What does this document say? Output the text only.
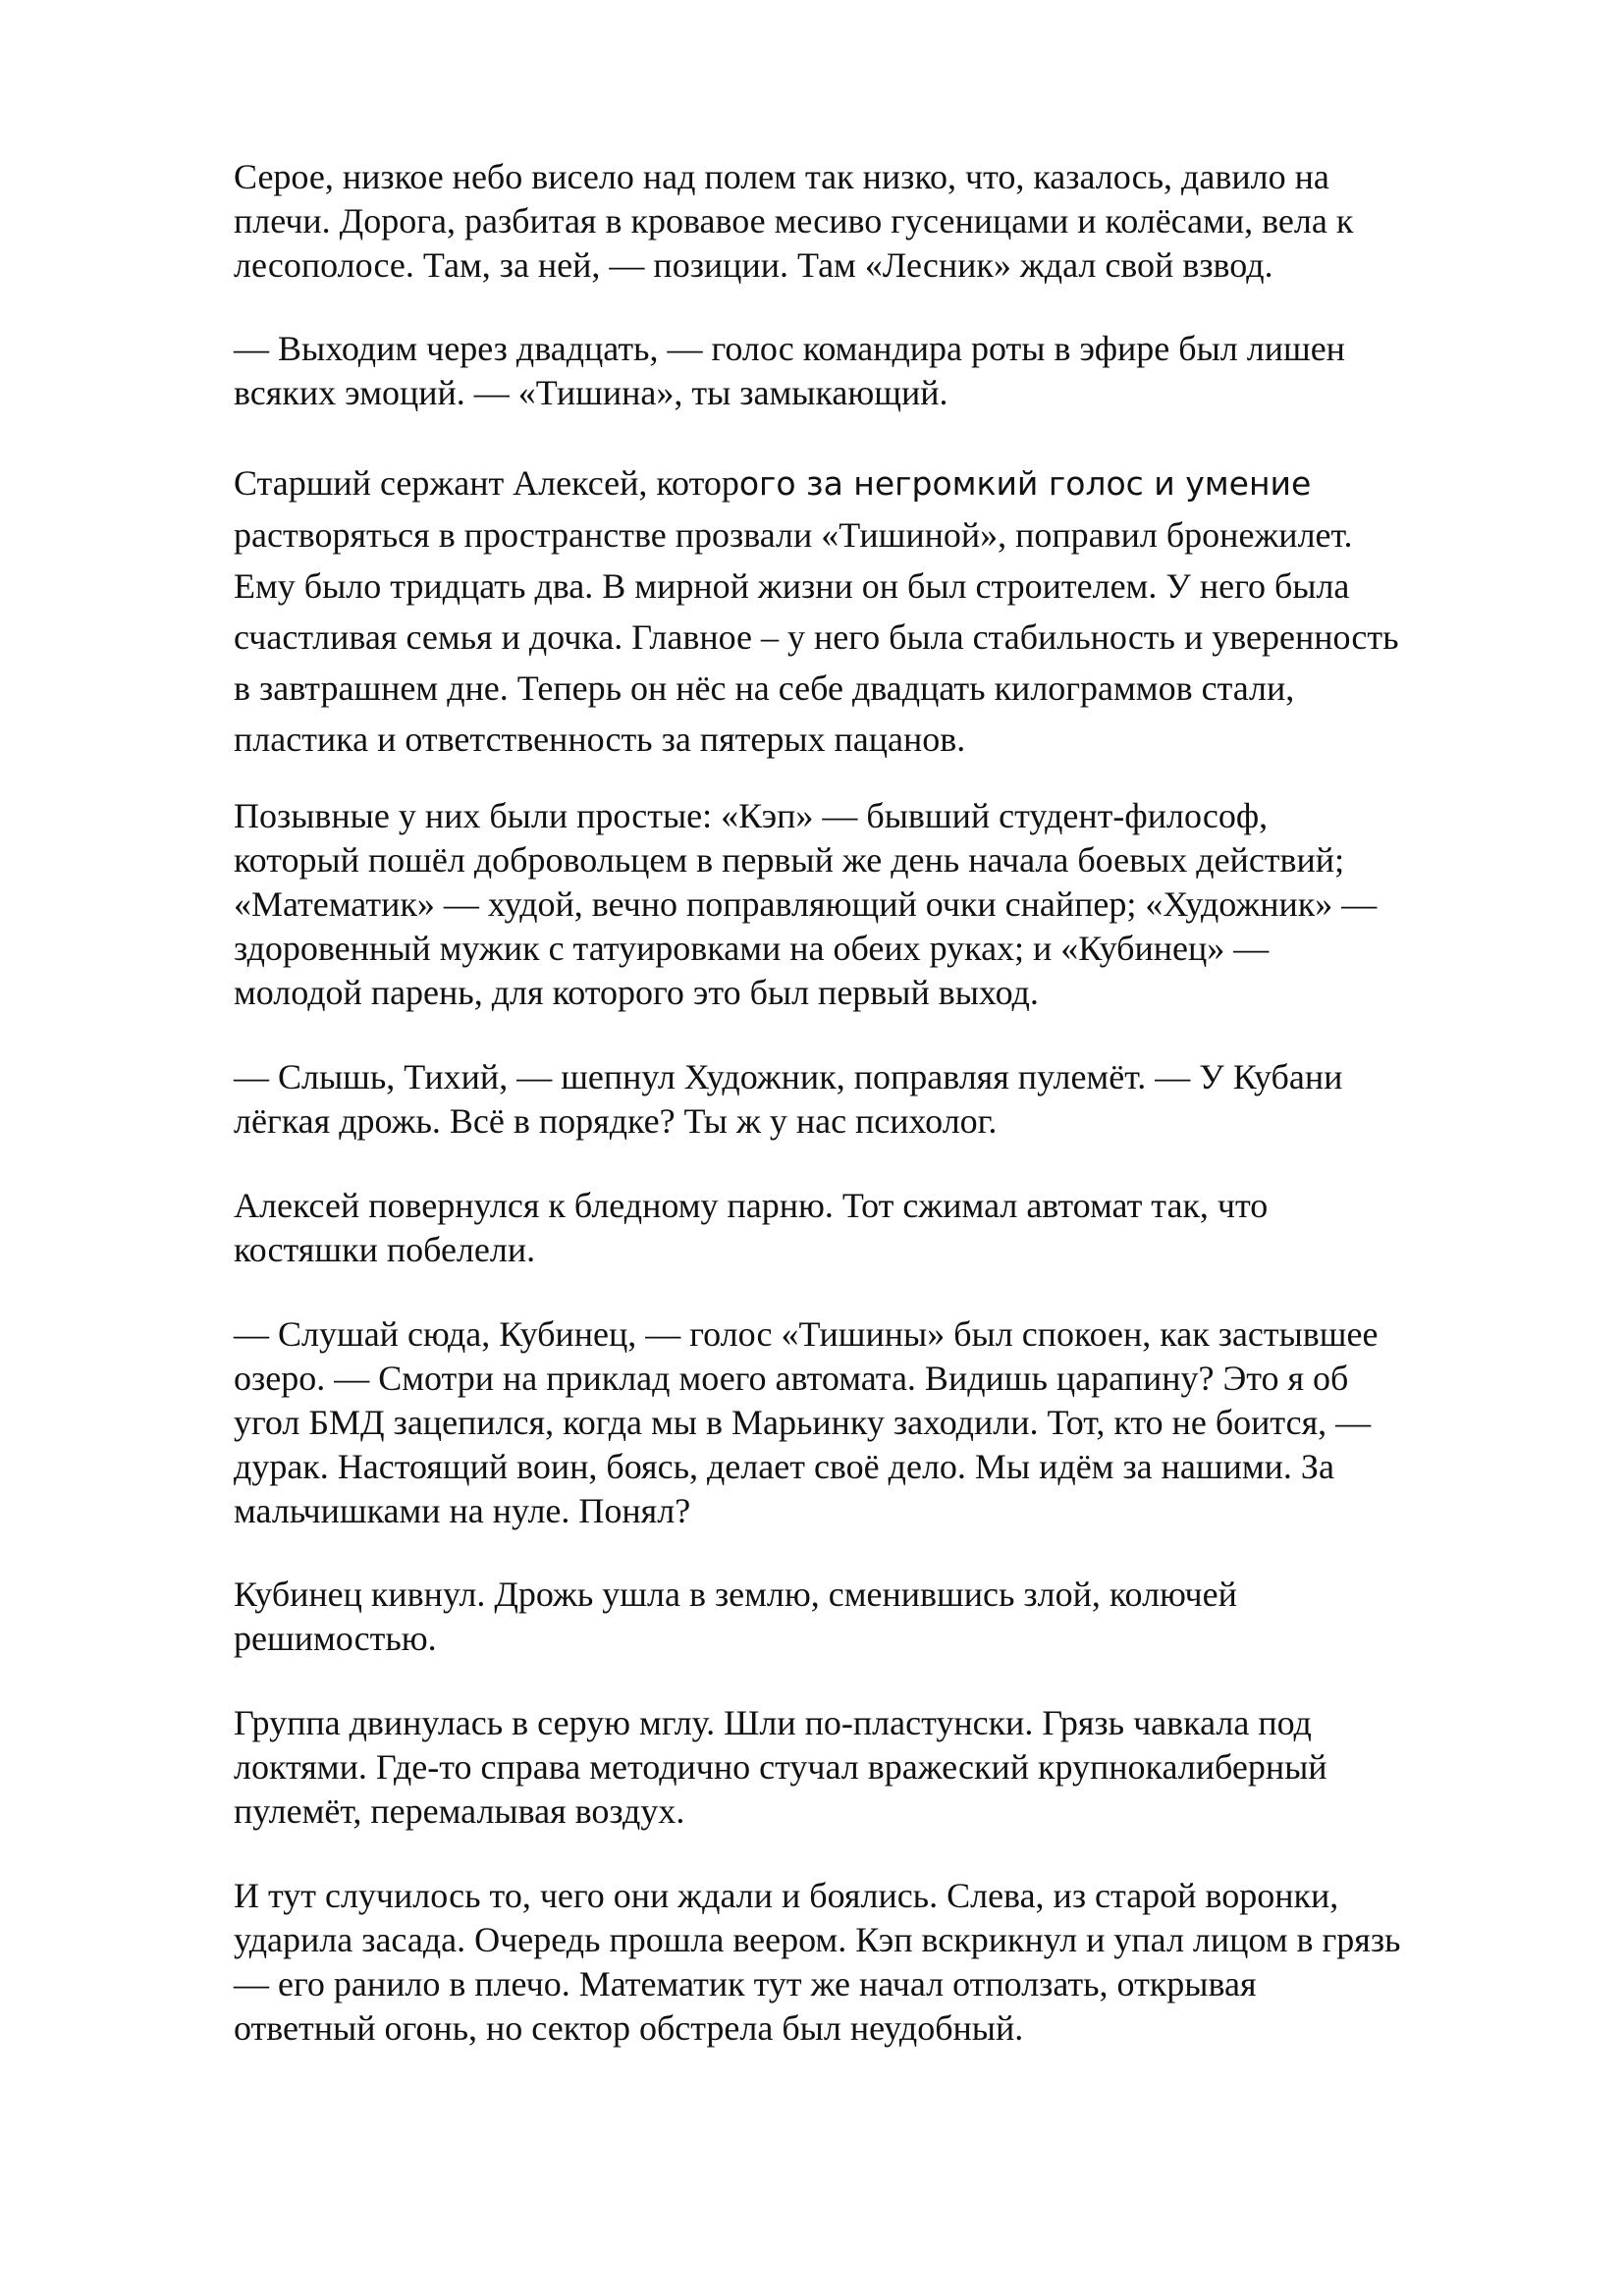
Серое, низкое небо висело над полем так низко, что, казалось, давило на
плечи. Дорога, разбитая в кровавое месиво гусеницами и колёсами, вела к
лесополосе. Там, за ней, — позиции. Там «Лесник» ждал свой взвод.

— Выходим через двадцать, — голос командира роты в эфире был лишен
всяких эмоций. — «Тишина», ты замыкающий.

Старший сержант Алексей, которого за негромкий голос и умение
растворяться в пространстве прозвали «Тишиной», поправил бронежилет.
Ему было тридцать два. В мирной жизни он был строителем. У него была
счастливая семья и дочка. Главное – у него была стабильность и уверенность
в завтрашнем дне. Теперь он нёс на себе двадцать килограммов стали,
пластика и ответственность за пятерых пацанов.

Позывные у них были простые: «Кэп» — бывший студент-философ,
который пошёл добровольцем в первый же день начала боевых действий;
«Математик» — худой, вечно поправляющий очки снайпер; «Художник» —
здоровенный мужик с татуировками на обеих руках; и «Кубинец» —
молодой парень, для которого это был первый выход.

— Слышь, Тихий, — шепнул Художник, поправляя пулемёт. — У Кубани
лёгкая дрожь. Всё в порядке? Ты ж у нас психолог.

Алексей повернулся к бледному парню. Тот сжимал автомат так, что
костяшки побелели.

— Слушай сюда, Кубинец, — голос «Тишины» был спокоен, как застывшее
озеро. — Смотри на приклад моего автомата. Видишь царапину? Это я об
угол БМД зацепился, когда мы в Марьинку заходили. Тот, кто не боится, —
дурак. Настоящий воин, боясь, делает своё дело. Мы идём за нашими. За
мальчишками на нуле. Понял?

Кубинец кивнул. Дрожь ушла в землю, сменившись злой, колючей
решимостью.

Группа двинулась в серую мглу. Шли по-пластунски. Грязь чавкала под
локтями. Где-то справа методично стучал вражеский крупнокалиберный
пулемёт, перемалывая воздух.

И тут случилось то, чего они ждали и боялись. Слева, из старой воронки,
ударила засада. Очередь прошла веером. Кэп вскрикнул и упал лицом в грязь
— его ранило в плечо. Математик тут же начал отползать, открывая
ответный огонь, но сектор обстрела был неудобный.
